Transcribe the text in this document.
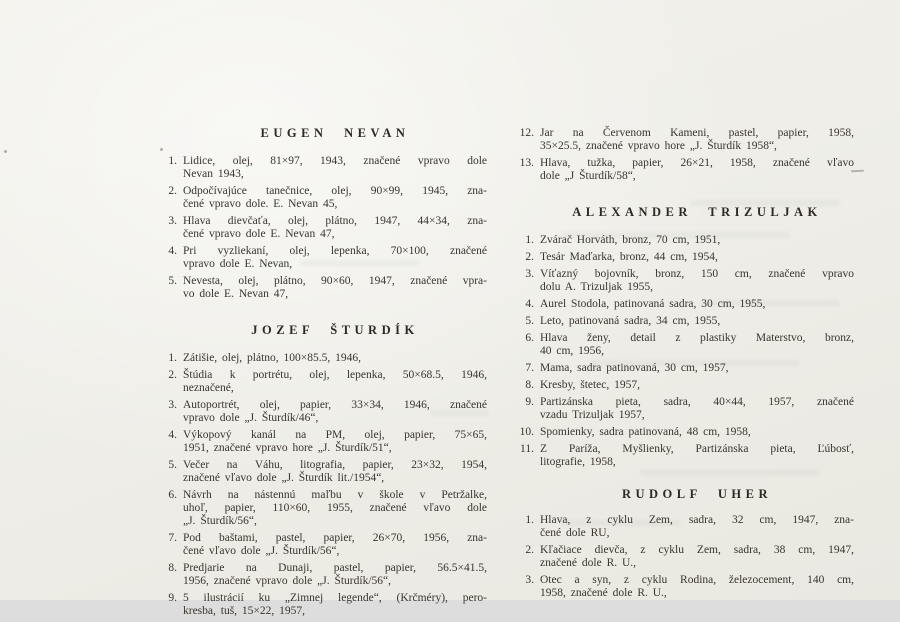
EUGEN NEVAN
1. Lidice, olej, 81×97, 1943, značené vpravo dole
Nevan 1943,
2. Odpočívajúce tanečnice, olej, 90×99, 1945, zna-
čené vpravo dole. E. Nevan 45,
3. Hlava dievčaťa, olej, plátno, 1947, 44×34, zna-
čené vpravo dole E. Nevan 47,
4. Pri vyzliekaní, olej, lepenka, 70×100, značené
vpravo dole E. Nevan,
5. Nevesta, olej, plátno, 90×60, 1947, značené vpra-
vo dole E. Nevan 47,
JOZEF ŠTURDÍK
1. Zátišie, olej, plátno, 100×85.5, 1946,
2. Štúdia k portrétu, olej, lepenka, 50×68.5, 1946,
neznačené,
3. Autoportrét, olej, papier, 33×34, 1946, značené
vpravo dole „J. Šturdík/46“,
4. Výkopový kanál na PM, olej, papier, 75×65,
1951, značené vpravo hore „J. Šturdík/51“,
5. Večer na Váhu, litografia, papier, 23×32, 1954,
značené vľavo dole „J. Šturdík lit./1954“,
6. Návrh na nástennú maľbu v škole v Petržalke,
uhoľ, papier, 110×60, 1955, značené vľavo dole
„J. Šturdík/56“,
7. Pod baštami, pastel, papier, 26×70, 1956, zna-
čené vľavo dole „J. Šturdík/56“,
8. Predjarie na Dunaji, pastel, papier, 56.5×41.5,
1956, značené vpravo dole „J. Šturdík/56“,
9. 5 ilustrácií ku „Zimnej legende“, (Krčméry), pero-
kresba, tuš, 15×22, 1957,
12. Jar na Červenom Kameni, pastel, papier, 1958,
35×25.5, značené vpravo hore „J. Šturdík 1958“,
13. Hlava, tužka, papier, 26×21, 1958, značené vľavo
dole „J Šturdík/58“,
ALEXANDER TRIZULJAK
1. Zvárač Horváth, bronz, 70 cm, 1951,
2. Tesár Maďarka, bronz, 44 cm, 1954,
3. Víťazný bojovník, bronz, 150 cm, značené vpravo
dolu A. Trizuljak 1955,
4. Aurel Stodola, patinovaná sadra, 30 cm, 1955,
5. Leto, patinovaná sadra, 34 cm, 1955,
6. Hlava ženy, detail z plastiky Materstvo, bronz,
40 cm, 1956,
7. Mama, sadra patinovaná, 30 cm, 1957,
8. Kresby, štetec, 1957,
9. Partizánska pieta, sadra, 40×44, 1957, značené
vzadu Trizuljak 1957,
10. Spomienky, sadra patinovaná, 48 cm, 1958,
11. Z Paríža, Myšlienky, Partizánska pieta, Ľúbosť,
litografie, 1958,
RUDOLF UHER
1. Hlava, z cyklu Zem, sadra, 32 cm, 1947, zna-
čené dole RU,
2. Kľačiace dievča, z cyklu Zem, sadra, 38 cm, 1947,
značené dole R. U.,
3. Otec a syn, z cyklu Rodina, železocement, 140 cm,
1958, značené dole R. U.,
